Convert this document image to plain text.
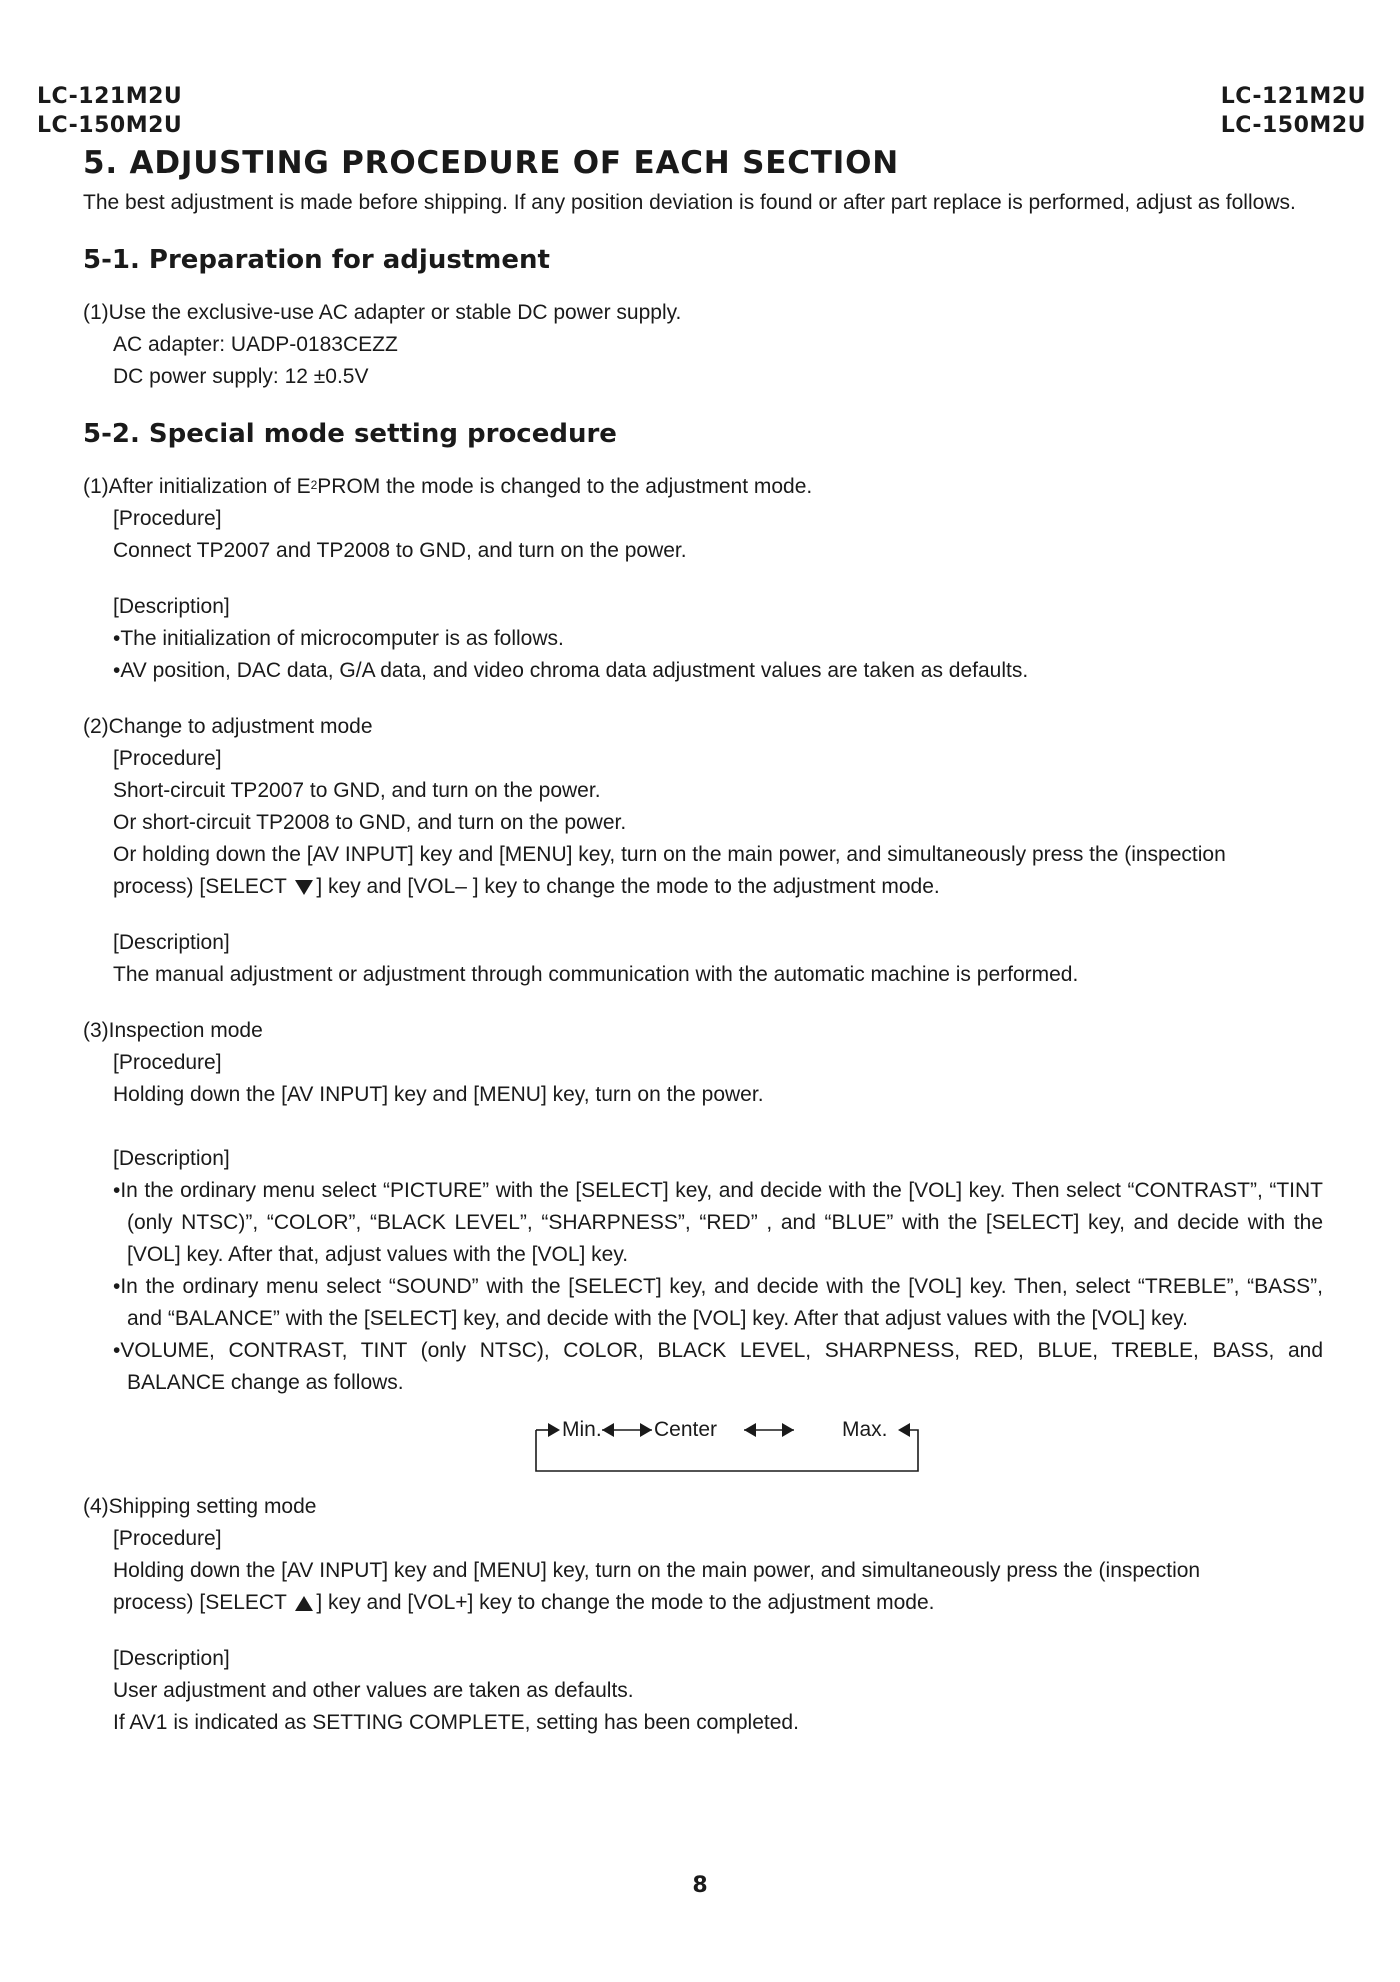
LC-121M2U
LC-150M2U
LC-121M2U
LC-150M2U
5. ADJUSTING PROCEDURE OF EACH SECTION

The best adjustment is made before shipping. If any position deviation is found or after part replace is performed, adjust as follows.

5-1. Preparation for adjustment
(1)Use the exclusive-use AC adapter or stable DC power supply.
AC adapter: UADP-0183CEZZ
DC power supply: 12 ±0.5V
5-2. Special mode setting procedure
(1)After initialization of $E^2PROM$ the mode is changed to the adjustment mode.
[Procedure]
Connect TP2007 and TP2008 to GND, and turn on the power.
[Description]
•The initialization of microcomputer is as follows.
•AV position, DAC data, G/A data, and video chroma data adjustment values are taken as defaults.
(2)Change to adjustment mode
[Procedure]
Short-circuit TP2007 to GND, and turn on the power.
Or short-circuit TP2008 to GND, and turn on the power.
Or holding down the [AV INPUT] key and [MENU] key, turn on the main power, and simultaneously press the (inspection
process) [SELECT ] key and [VOL– ] key to change the mode to the adjustment mode.
[Description]
The manual adjustment or adjustment through communication with the automatic machine is performed.
(3)Inspection mode
[Procedure]
Holding down the [AV INPUT] key and [MENU] key, turn on the power.
[Description]
•In the ordinary menu select “PICTURE” with the [SELECT] key, and decide with the [VOL] key. Then select “CONTRAST”, “TINT (only NTSC)”, “COLOR”, “BLACK LEVEL”, “SHARPNESS”, “RED” , and “BLUE” with the [SELECT] key, and decide with the [VOL] key. After that, adjust values with the [VOL] key.
•In the ordinary menu select “SOUND” with the [SELECT] key, and decide with the [VOL] key. Then, select “TREBLE”, “BASS”, and “BALANCE” with the [SELECT] key, and decide with the [VOL] key. After that adjust values with the [VOL] key.
•VOLUME, CONTRAST, TINT (only NTSC), COLOR, BLACK LEVEL, SHARPNESS, RED, BLUE, TREBLE, BASS, and BALANCE change as follows.
Min. Center	Max.
(4)Shipping setting mode
[Procedure]
Holding down the [AV INPUT] key and [MENU] key, turn on the main power, and simultaneously press the (inspection
process) [SELECT ] key and [VOL+] key to change the mode to the adjustment mode.
[Description]
User adjustment and other values are taken as defaults.
If AV1 is indicated as SETTING COMPLETE, setting has been completed.
8
